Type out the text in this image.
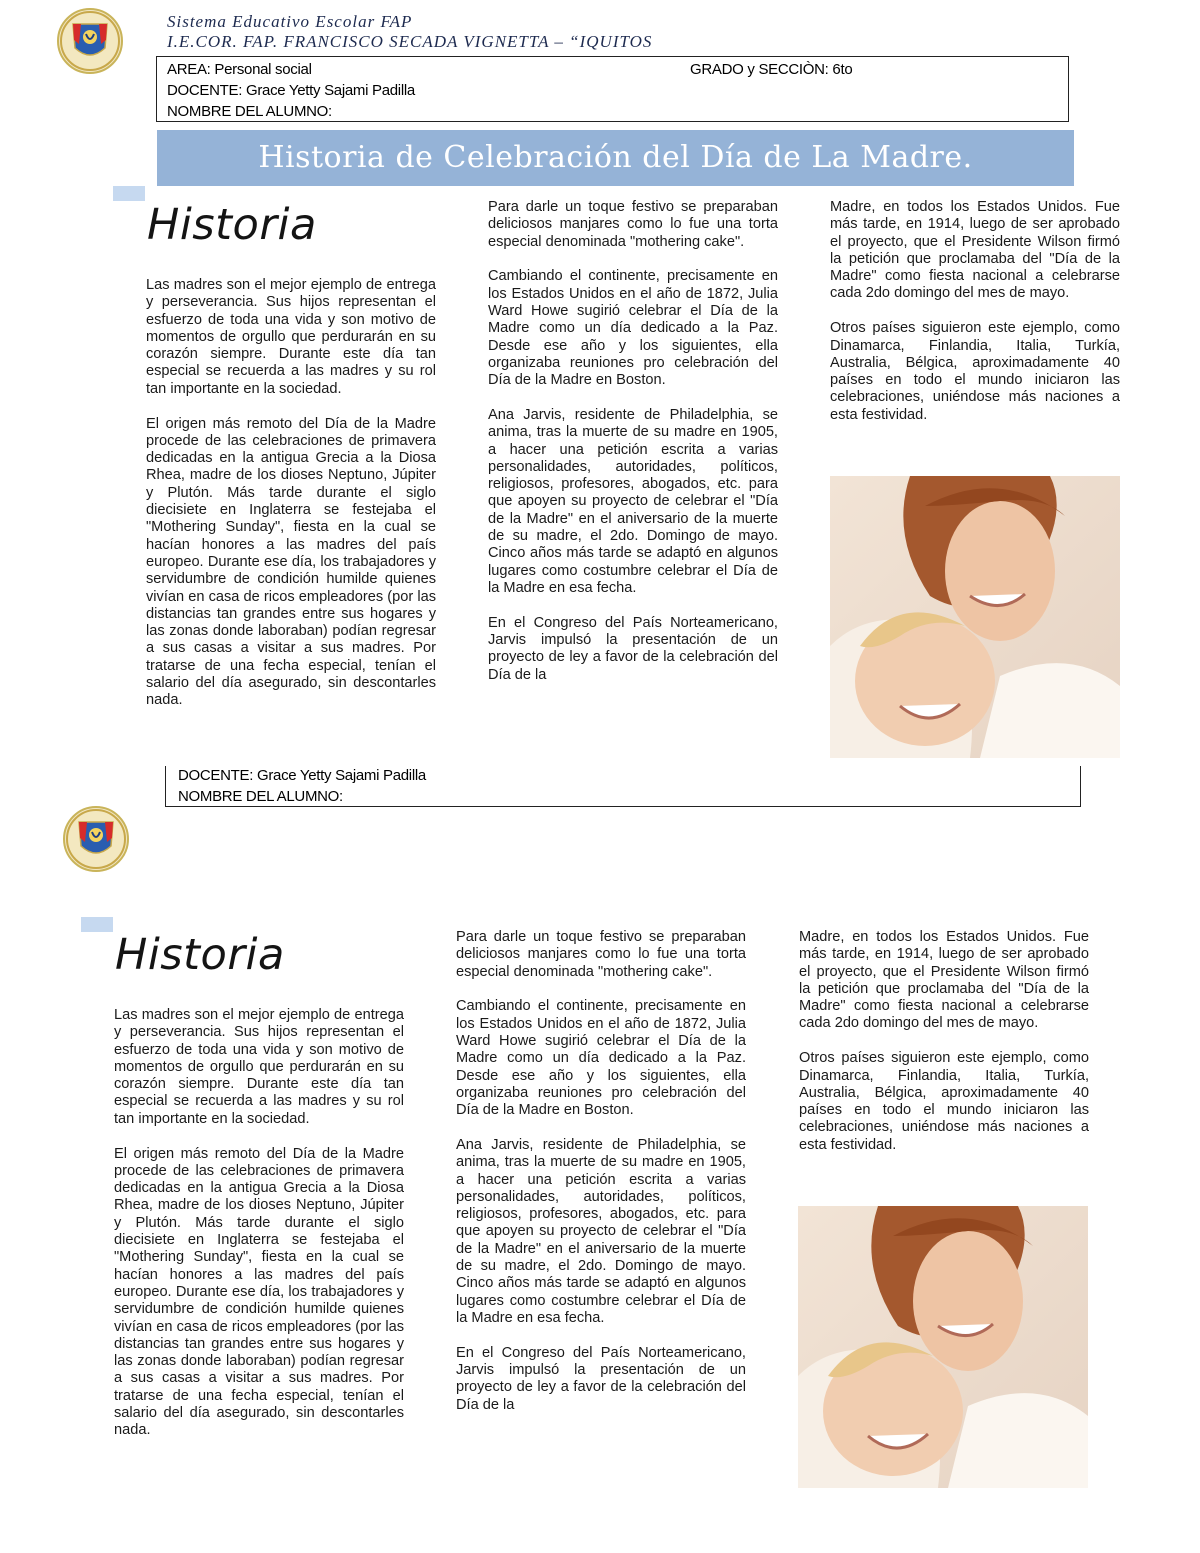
Sistema Educativo Escolar FAP
I.E.COR. FAP. FRANCISCO SECADA VIGNETTA – “IQUITOS
AREA: Personal social	GRADO y SECCIÒN: 6to
DOCENTE: Grace Yetty Sajami Padilla
NOMBRE DEL ALUMNO:
Historia de Celebración del Día de La Madre.
Historia

Las madres son el mejor ejemplo de entrega y perseverancia. Sus hijos representan el esfuerzo de toda una vida y son motivo de momentos de orgullo que perdurarán en su corazón siempre. Durante este día tan especial se recuerda a las madres y su rol tan importante en la sociedad.

El origen más remoto del Día de la Madre procede de las celebraciones de primavera dedicadas en la antigua Grecia a la Diosa Rhea, madre de los dioses Neptuno, Júpiter y Plutón. Más tarde durante el siglo diecisiete en Inglaterra se festejaba el "Mothering Sunday", fiesta en la cual se hacían honores a las madres del país europeo. Durante ese día, los trabajadores y servidumbre de condición humilde quienes vivían en casa de ricos empleadores (por las distancias tan grandes entre sus hogares y las zonas donde laboraban) podían regresar a sus casas a visitar a sus madres. Por tratarse de una fecha especial, tenían el salario del día asegurado, sin descontarles nada.

Para darle un toque festivo se preparaban deliciosos manjares como lo fue una torta especial denominada "mothering cake".

Cambiando el continente, precisamente en los Estados Unidos en el año de 1872, Julia Ward Howe sugirió celebrar el Día de la Madre como un día dedicado a la Paz. Desde ese año y los siguientes, ella organizaba reuniones pro celebración del Día de la Madre en Boston.

Ana Jarvis, residente de Philadelphia, se anima, tras la muerte de su madre en 1905, a hacer una petición escrita a varias personalidades, autoridades, políticos, religiosos, profesores, abogados, etc. para que apoyen su proyecto de celebrar el "Día de la Madre" en el aniversario de la muerte de su madre, el 2do. Domingo de mayo. Cinco años más tarde se adaptó en algunos lugares como costumbre celebrar el Día de la Madre en esa fecha.

En el Congreso del País Norteamericano, Jarvis impulsó la presentación de un proyecto de ley a favor de la celebración del Día de la

Madre, en todos los Estados Unidos. Fue más tarde, en 1914, luego de ser aprobado el proyecto, que el Presidente Wilson firmó la petición que proclamaba del "Día de la Madre" como fiesta nacional a celebrarse cada 2do domingo del mes de mayo.

Otros países siguieron este ejemplo, como Dinamarca, Finlandia, Italia, Turkía, Australia, Bélgica, aproximadamente 40 países en todo el mundo iniciaron las celebraciones, uniéndose más naciones a esta festividad.

DOCENTE: Grace Yetty Sajami Padilla
NOMBRE DEL ALUMNO:
Historia

Las madres son el mejor ejemplo de entrega y perseverancia. Sus hijos representan el esfuerzo de toda una vida y son motivo de momentos de orgullo que perdurarán en su corazón siempre. Durante este día tan especial se recuerda a las madres y su rol tan importante en la sociedad.

El origen más remoto del Día de la Madre procede de las celebraciones de primavera dedicadas en la antigua Grecia a la Diosa Rhea, madre de los dioses Neptuno, Júpiter y Plutón. Más tarde durante el siglo diecisiete en Inglaterra se festejaba el "Mothering Sunday", fiesta en la cual se hacían honores a las madres del país europeo. Durante ese día, los trabajadores y servidumbre de condición humilde quienes vivían en casa de ricos empleadores (por las distancias tan grandes entre sus hogares y las zonas donde laboraban) podían regresar a sus casas a visitar a sus madres. Por tratarse de una fecha especial, tenían el salario del día asegurado, sin descontarles nada.

Para darle un toque festivo se preparaban deliciosos manjares como lo fue una torta especial denominada "mothering cake".

Cambiando el continente, precisamente en los Estados Unidos en el año de 1872, Julia Ward Howe sugirió celebrar el Día de la Madre como un día dedicado a la Paz. Desde ese año y los siguientes, ella organizaba reuniones pro celebración del Día de la Madre en Boston.

Ana Jarvis, residente de Philadelphia, se anima, tras la muerte de su madre en 1905, a hacer una petición escrita a varias personalidades, autoridades, políticos, religiosos, profesores, abogados, etc. para que apoyen su proyecto de celebrar el "Día de la Madre" en el aniversario de la muerte de su madre, el 2do. Domingo de mayo. Cinco años más tarde se adaptó en algunos lugares como costumbre celebrar el Día de la Madre en esa fecha.

En el Congreso del País Norteamericano, Jarvis impulsó la presentación de un proyecto de ley a favor de la celebración del Día de la

Madre, en todos los Estados Unidos. Fue más tarde, en 1914, luego de ser aprobado el proyecto, que el Presidente Wilson firmó la petición que proclamaba del "Día de la Madre" como fiesta nacional a celebrarse cada 2do domingo del mes de mayo.

Otros países siguieron este ejemplo, como Dinamarca, Finlandia, Italia, Turkía, Australia, Bélgica, aproximadamente 40 países en todo el mundo iniciaron las celebraciones, uniéndose más naciones a esta festividad.
